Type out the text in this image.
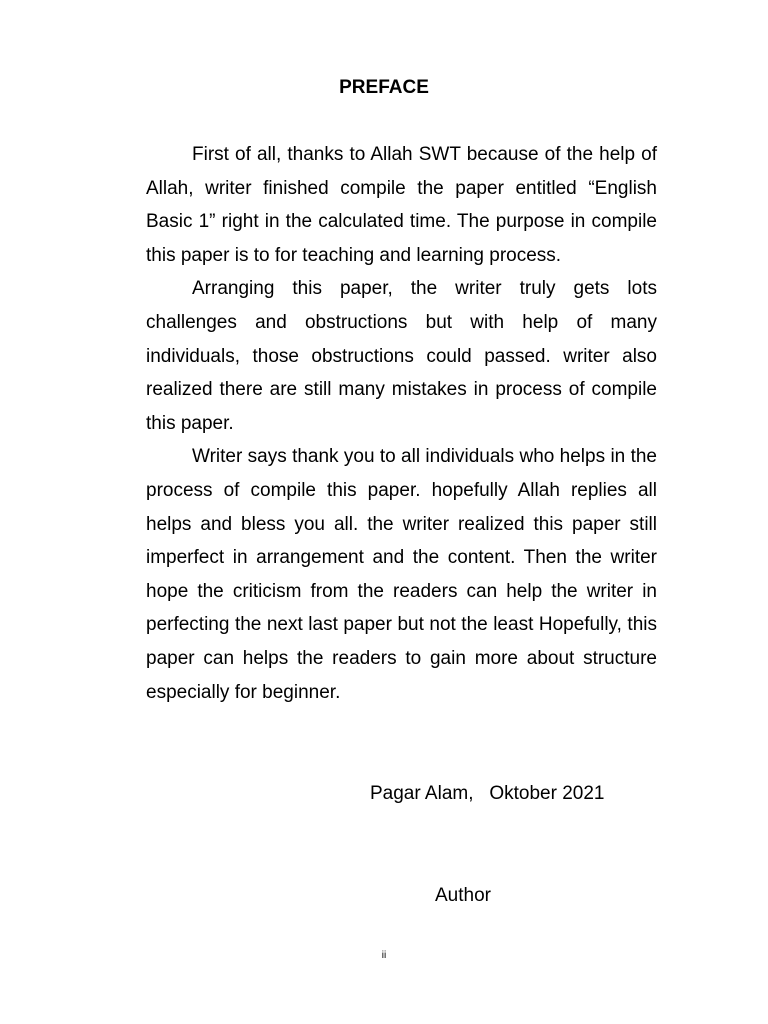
PREFACE

First of all, thanks to Allah SWT because of the help of Allah, writer finished compile the paper entitled “English Basic 1” right in the calculated time. The purpose in compile this paper is to for teaching and learning process.

Arranging this paper, the writer truly gets lots challenges and obstructions but with help of many individuals, those obstructions could passed. writer also realized there are still many mistakes in process of compile this paper.

Writer says thank you to all individuals who helps in the process of compile this paper. hopefully Allah replies all helps and bless you all. the writer realized this paper still imperfect in arrangement and the content. Then the writer hope the criticism from the readers can help the writer in perfecting the next last paper but not the least Hopefully, this paper can helps the readers to gain more about structure especially for beginner.

Pagar Alam,   Oktober 2021
Author
ii
